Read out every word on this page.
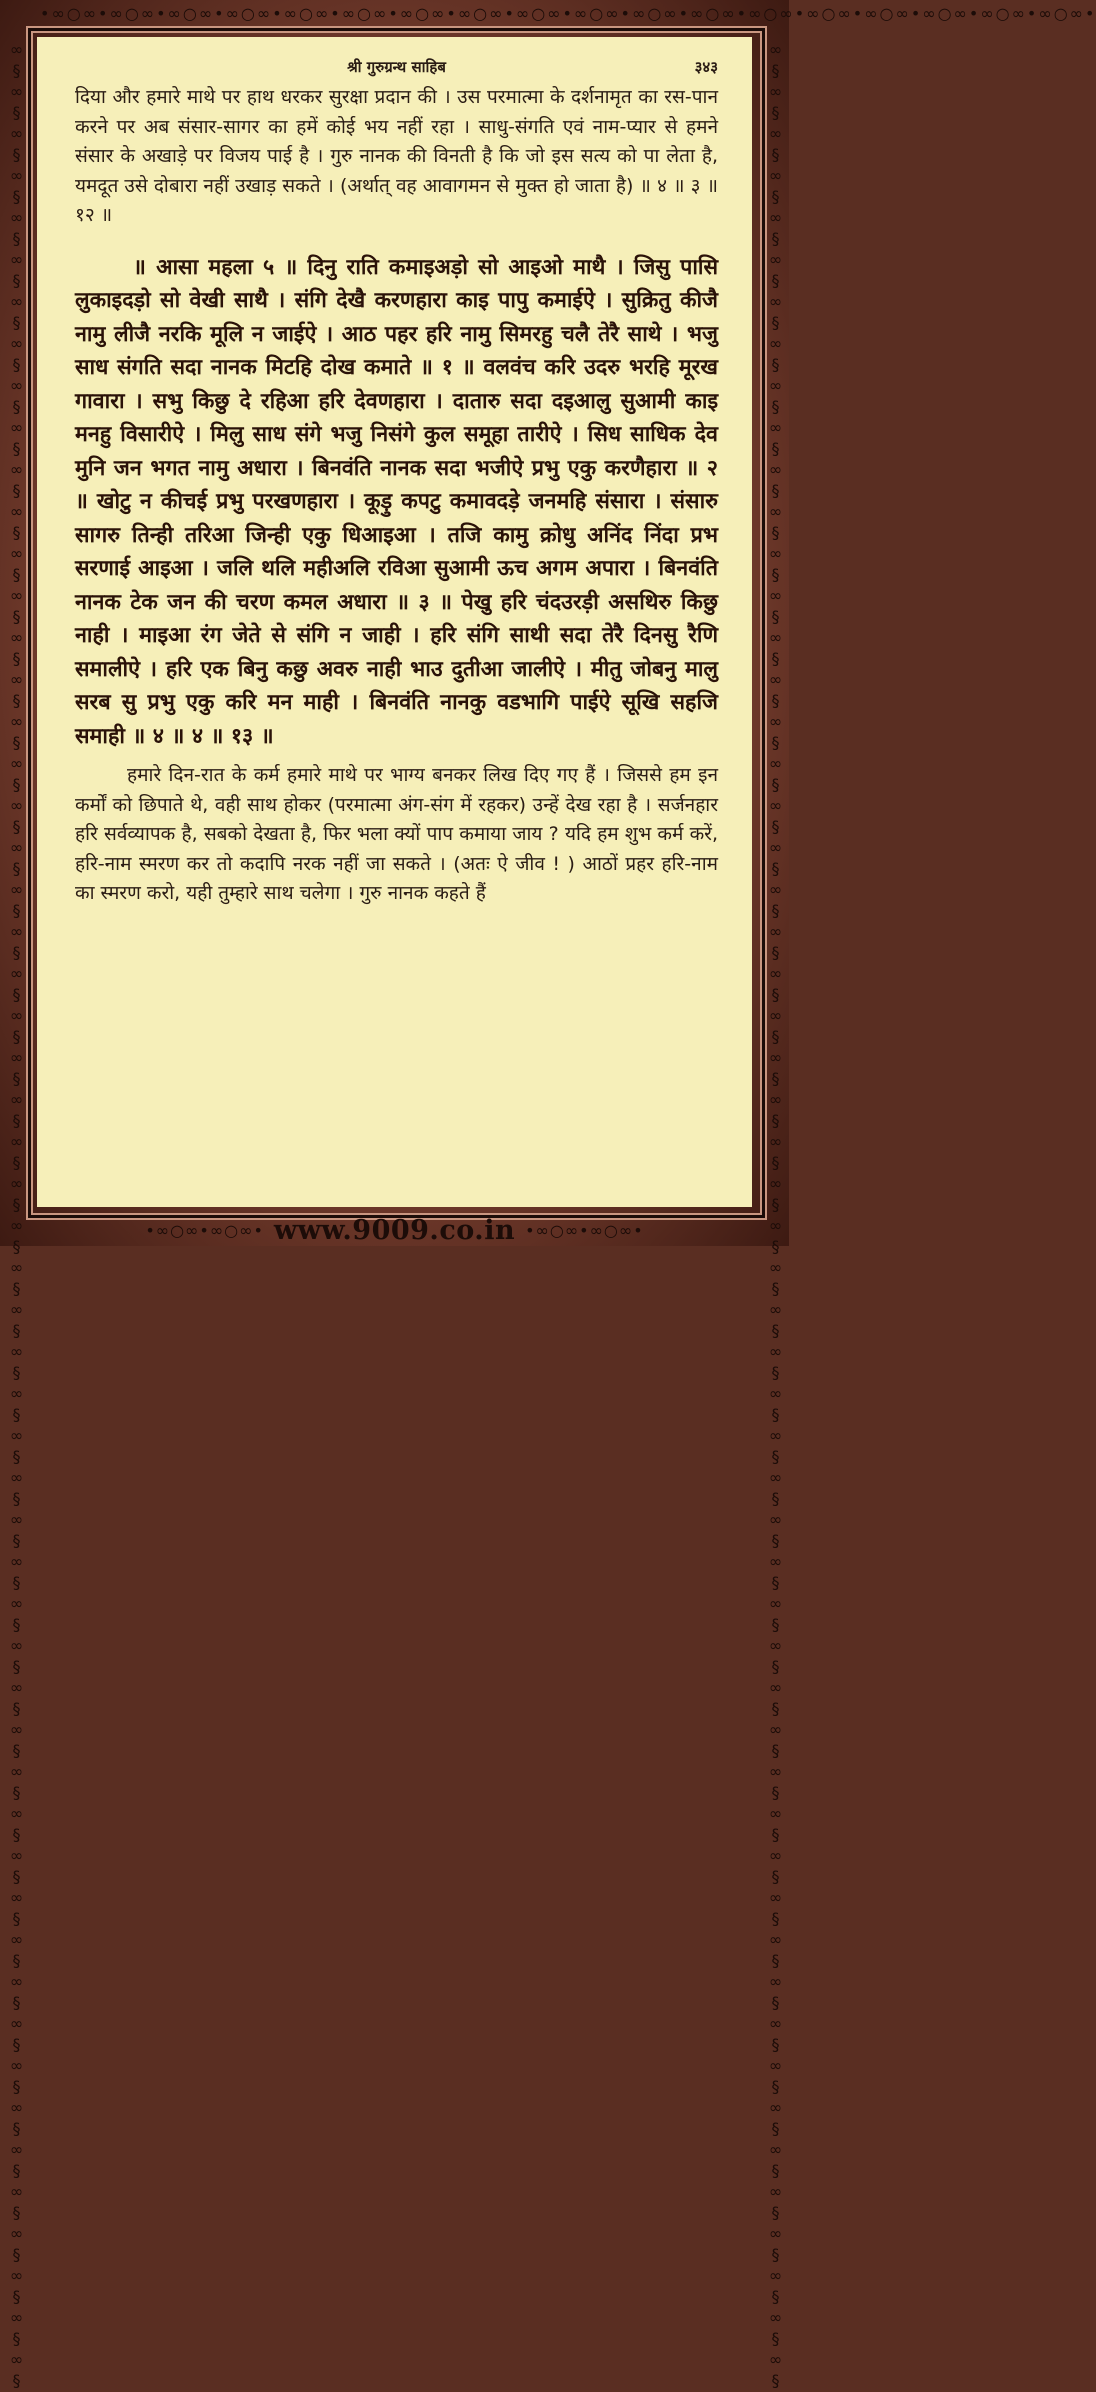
•∞○∞•∞○∞•∞○∞•∞○∞•∞○∞•∞○∞•∞○∞•∞○∞•∞○∞•∞○∞•∞○∞•∞○∞•∞○∞•∞○∞•∞○∞•∞○∞•∞○∞•∞○∞•
∞§∞§∞§∞§∞§∞§∞§∞§∞§∞§∞§∞§∞§∞§∞§∞§∞§∞§∞§∞§∞§∞§∞§∞§∞§∞§∞§∞§∞§∞§∞§∞§∞§∞§∞§∞§∞§∞§∞§∞§∞§∞§∞§∞§∞§∞§∞§∞§∞§∞§∞§∞§∞§∞§∞§∞§	∞§∞§∞§∞§∞§∞§∞§∞§∞§∞§∞§∞§∞§∞§∞§∞§∞§∞§∞§∞§∞§∞§∞§∞§∞§∞§∞§∞§∞§∞§∞§∞§∞§∞§∞§∞§∞§∞§∞§∞§∞§∞§∞§∞§∞§∞§∞§∞§∞§∞§∞§∞§∞§∞§∞§∞§
श्री गुरुग्रन्थ साहिब	३४३

दिया और हमारे माथे पर हाथ धरकर सुरक्षा प्रदान की । उस परमात्मा के दर्शनामृत का रस-पान करने पर अब संसार-सागर का हमें कोई भय नहीं रहा । साधु-संगति एवं नाम-प्यार से हमने संसार के अखाड़े पर विजय पाई है । गुरु नानक की विनती है कि जो इस सत्य को पा लेता है, यमदूत उसे दोबारा नहीं उखाड़ सकते । (अर्थात् वह आवागमन से मुक्त हो जाता है) ॥ ४ ॥ ३ ॥ १२ ॥

॥ आसा महला ५ ॥ दिनु राति कमाइअड़ो सो आइओ माथै । जिसु पासि लुकाइदड़ो सो वेखी साथै । संगि देखै करणहारा काइ पापु कमाईऐ । सुक्रितु कीजै नामु लीजै नरकि मूलि न जाईऐ । आठ पहर हरि नामु सिमरहु चलै तेरै साथे । भजु साध संगति सदा नानक मिटहि दोख कमाते ॥ १ ॥ वलवंच करि उदरु भरहि मूरख गावारा । सभु किछु दे रहिआ हरि देवणहारा । दातारु सदा दइआलु सुआमी काइ मनहु विसारीऐ । मिलु साध संगे भजु निसंगे कुल समूहा तारीऐ । सिध साधिक देव मुनि जन भगत नामु अधारा । बिनवंति नानक सदा भजीऐ प्रभु एकु करणैहारा ॥ २ ॥ खोटु न कीचई प्रभु परखणहारा । कूड़ु कपटु कमावदड़े जनमहि संसारा । संसारु सागरु तिन्ही तरिआ जिन्ही एकु धिआइआ । तजि कामु क्रोधु अनिंद निंदा प्रभ सरणाई आइआ । जलि थलि महीअलि रविआ सुआमी ऊच अगम अपारा । बिनवंति नानक टेक जन की चरण कमल अधारा ॥ ३ ॥ पेखु हरि चंदउरड़ी असथिरु किछु नाही । माइआ रंग जेते से संगि न जाही । हरि संगि साथी सदा तेरै दिनसु रैणि समालीऐ । हरि एक बिनु कछु अवरु नाही भाउ दुतीआ जालीऐ । मीतु जोबनु मालु सरब सु प्रभु एकु करि मन माही । बिनवंति नानकु वडभागि पाईऐ सूखि सहजि समाही ॥ ४ ॥ ४ ॥ १३ ॥

हमारे दिन-रात के कर्म हमारे माथे पर भाग्य बनकर लिख दिए गए हैं । जिससे हम इन कर्मों को छिपाते थे, वही साथ होकर (परमात्मा अंग-संग में रहकर) उन्हें देख रहा है । सर्जनहार हरि सर्वव्यापक है, सबको देखता है, फिर भला क्यों पाप कमाया जाय ? यदि हम शुभ कर्म करें, हरि-नाम स्मरण कर तो कदापि नरक नहीं जा सकते । (अतः ऐ जीव ! ) आठों प्रहर हरि-नाम का स्मरण करो, यही तुम्हारे साथ चलेगा । गुरु नानक कहते हैं

•∞○∞•∞○∞• www.9009.co.in •∞○∞•∞○∞•
